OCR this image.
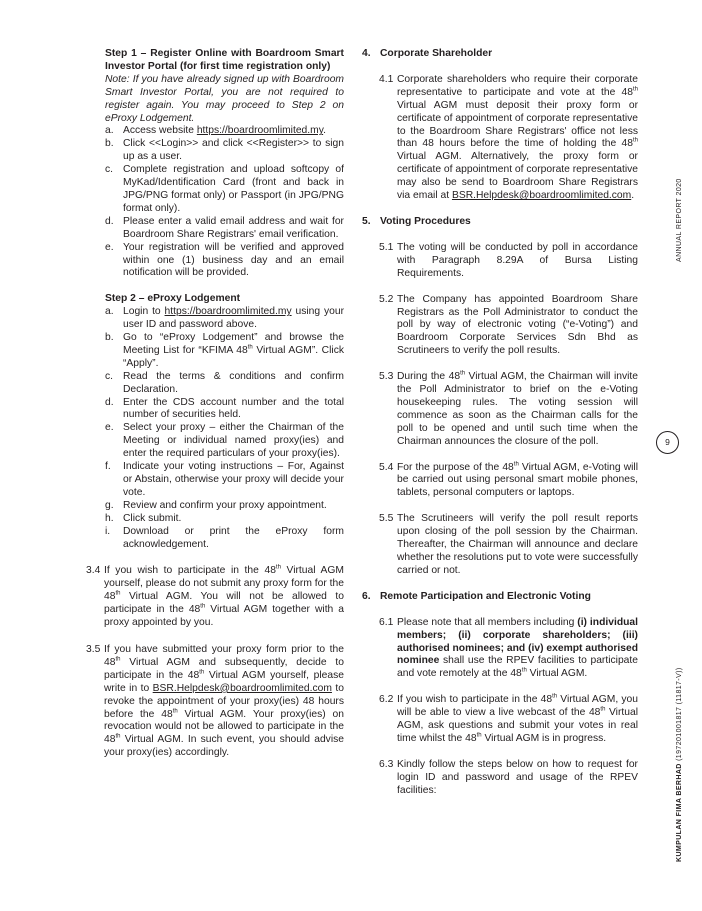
Step 1 – Register Online with Boardroom Smart Investor Portal (for first time registration only)

Note: If you have already signed up with Boardroom Smart Investor Portal, you are not required to register again. You may proceed to Step 2 on eProxy Lodgement.

a. Access website https://boardroomlimited.my.
b. Click <<Login>> and click <<Register>> to sign up as a user.
c. Complete registration and upload softcopy of MyKad/Identification Card (front and back in JPG/PNG format only) or Passport (in JPG/PNG format only).
d. Please enter a valid email address and wait for Boardroom Share Registrars' email verification.
e. Your registration will be verified and approved within one (1) business day and an email notification will be provided.

Step 2 – eProxy Lodgement

a. Login to https://boardroomlimited.my using your user ID and password above.
b. Go to “eProxy Lodgement” and browse the Meeting List for “KFIMA 48th Virtual AGM”. Click “Apply”.
c. Read the terms & conditions and confirm Declaration.
d. Enter the CDS account number and the total number of securities held.
e. Select your proxy – either the Chairman of the Meeting or individual named proxy(ies) and enter the required particulars of your proxy(ies).
f.	Indicate your voting instructions – For, Against or Abstain, otherwise your proxy will decide your vote.
g. Review and confirm your proxy appointment.
h. Click submit.
i.	Download or print the eProxy form acknowledgement.
3.4 If you wish to participate in the 48th Virtual AGM yourself, please do not submit any proxy form for the 48th Virtual AGM. You will not be allowed to participate in the 48th Virtual AGM together with a proxy appointed by you.
3.5 If you have submitted your proxy form prior to the 48th Virtual AGM and subsequently, decide to participate in the 48th Virtual AGM yourself, please write in to BSR.Helpdesk@boardroomlimited.com to revoke the appointment of your proxy(ies) 48 hours before the 48th Virtual AGM. Your proxy(ies) on revocation would not be allowed to participate in the 48th Virtual AGM. In such event, you should advise your proxy(ies) accordingly.
4. Corporate Shareholder
4.1 Corporate shareholders who require their corporate representative to participate and vote at the 48th Virtual AGM must deposit their proxy form or certificate of appointment of corporate representative to the Boardroom Share Registrars' office not less than 48 hours before the time of holding the 48th Virtual AGM. Alternatively, the proxy form or certificate of appointment of corporate representative may also be send to Boardroom Share Registrars via email at BSR.Helpdesk@boardroomlimited.com.
5. Voting Procedures
5.1 The voting will be conducted by poll in accordance with Paragraph 8.29A of Bursa Listing Requirements.
5.2 The Company has appointed Boardroom Share Registrars as the Poll Administrator to conduct the poll by way of electronic voting (“e-Voting”) and Boardroom Corporate Services Sdn Bhd as Scrutineers to verify the poll results.
5.3 During the 48th Virtual AGM, the Chairman will invite the Poll Administrator to brief on the e-Voting housekeeping rules. The voting session will commence as soon as the Chairman calls for the poll to be opened and until such time when the Chairman announces the closure of the poll.
5.4 For the purpose of the 48th Virtual AGM, e-Voting will be carried out using personal smart mobile phones, tablets, personal computers or laptops.
5.5 The Scrutineers will verify the poll result reports upon closing of the poll session by the Chairman. Thereafter, the Chairman will announce and declare whether the resolutions put to vote were successfully carried or not.
6. Remote Participation and Electronic Voting
6.1 Please note that all members including (i) individual members; (ii) corporate shareholders; (iii) authorised nominees; and (iv) exempt authorised nominee shall use the RPEV facilities to participate and vote remotely at the 48th Virtual AGM.
6.2 If you wish to participate in the 48th Virtual AGM, you will be able to view a live webcast of the 48th Virtual AGM, ask questions and submit your votes in real time whilst the 48th Virtual AGM is in progress.
6.3 Kindly follow the steps below on how to request for login ID and password and usage of the RPEV facilities:
ANNUAL REPORT 2020
9
KUMPULAN FIMA BERHAD (197201001817 (11817-V))
